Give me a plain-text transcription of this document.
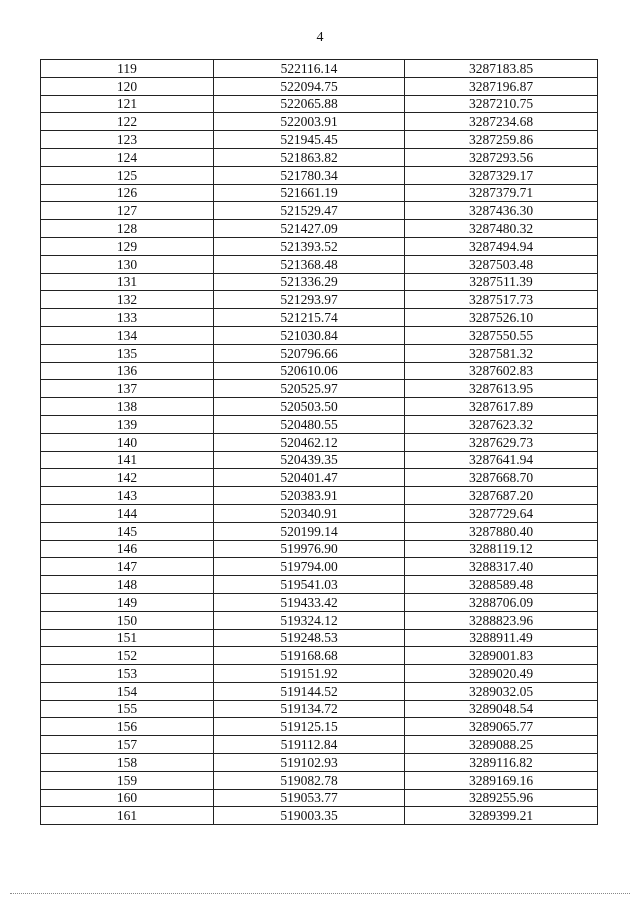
4
119	522116.14	3287183.85
120	522094.75	3287196.87
121	522065.88	3287210.75
122	522003.91	3287234.68
123	521945.45	3287259.86
124	521863.82	3287293.56
125	521780.34	3287329.17
126	521661.19	3287379.71
127	521529.47	3287436.30
128	521427.09	3287480.32
129	521393.52	3287494.94
130	521368.48	3287503.48
131	521336.29	3287511.39
132	521293.97	3287517.73
133	521215.74	3287526.10
134	521030.84	3287550.55
135	520796.66	3287581.32
136	520610.06	3287602.83
137	520525.97	3287613.95
138	520503.50	3287617.89
139	520480.55	3287623.32
140	520462.12	3287629.73
141	520439.35	3287641.94
142	520401.47	3287668.70
143	520383.91	3287687.20
144	520340.91	3287729.64
145	520199.14	3287880.40
146	519976.90	3288119.12
147	519794.00	3288317.40
148	519541.03	3288589.48
149	519433.42	3288706.09
150	519324.12	3288823.96
151	519248.53	3288911.49
152	519168.68	3289001.83
153	519151.92	3289020.49
154	519144.52	3289032.05
155	519134.72	3289048.54
156	519125.15	3289065.77
157	519112.84	3289088.25
158	519102.93	3289116.82
159	519082.78	3289169.16
160	519053.77	3289255.96
161	519003.35	3289399.21
